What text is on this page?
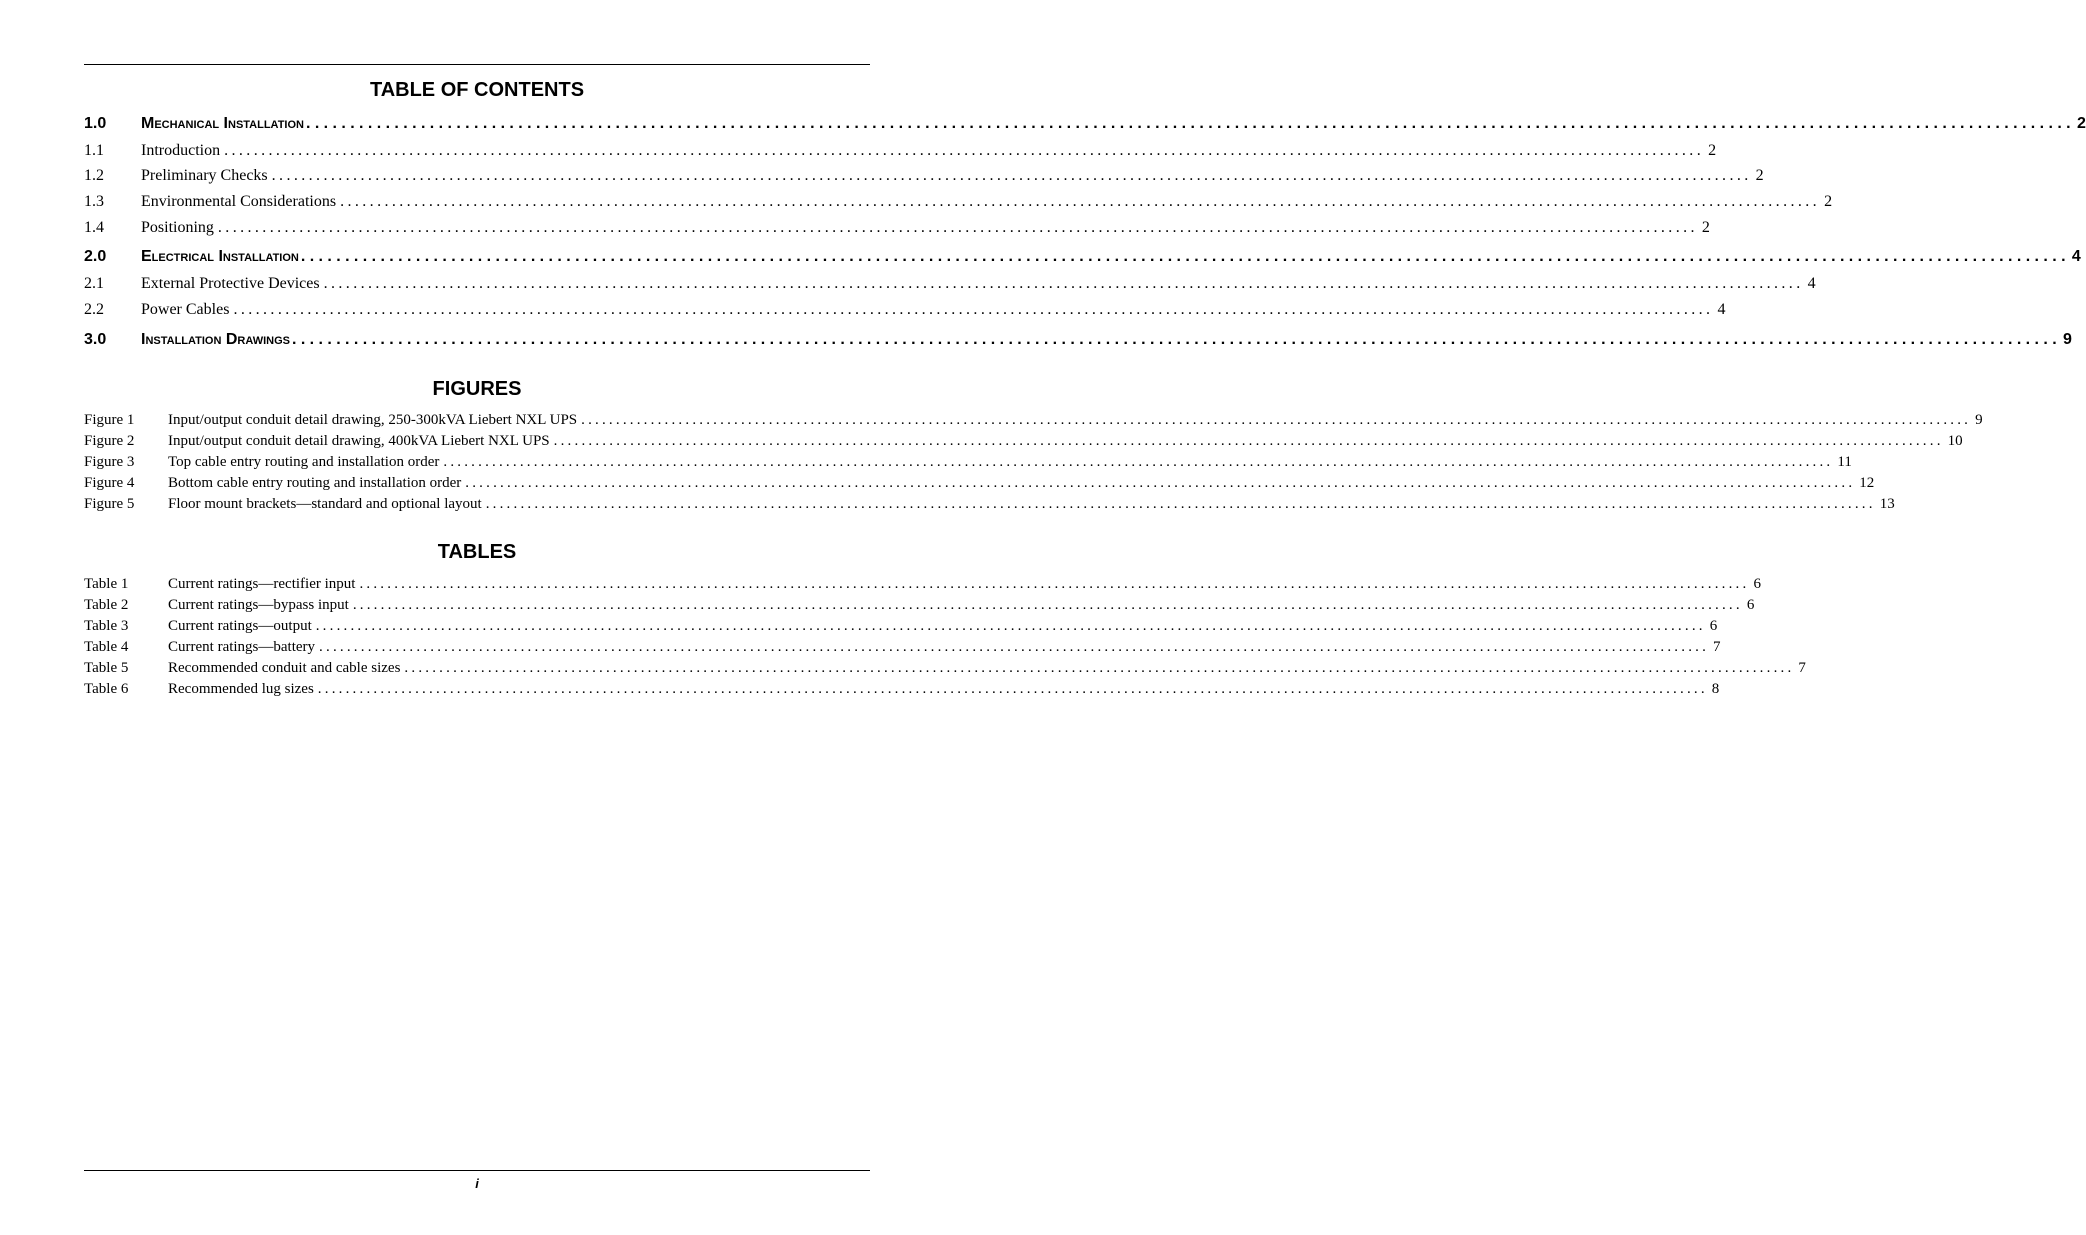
TABLE OF CONTENTS
1.0	Mechanical Installation ........................................................................................................................................................................................................ 2
1.1	Introduction ........................................................................................................................................................................................................ 2
1.2	Preliminary Checks ........................................................................................................................................................................................................ 2
1.3	Environmental Considerations ........................................................................................................................................................................................................ 2
1.4	Positioning ........................................................................................................................................................................................................ 2
2.0	Electrical Installation ........................................................................................................................................................................................................ 4
2.1	External Protective Devices ........................................................................................................................................................................................................ 4
2.2	Power Cables ........................................................................................................................................................................................................ 4
3.0	Installation Drawings ........................................................................................................................................................................................................ 9
FIGURES
Figure 1	Input/output conduit detail drawing, 250-300kVA Liebert NXL UPS ........................................................................................................................................................................................................ 9
Figure 2	Input/output conduit detail drawing, 400kVA Liebert NXL UPS ........................................................................................................................................................................................................ 10
Figure 3	Top cable entry routing and installation order ........................................................................................................................................................................................................ 11
Figure 4	Bottom cable entry routing and installation order ........................................................................................................................................................................................................ 12
Figure 5	Floor mount brackets—standard and optional layout ........................................................................................................................................................................................................ 13
TABLES
Table 1	Current ratings—rectifier input ........................................................................................................................................................................................................ 6
Table 2	Current ratings—bypass input ........................................................................................................................................................................................................ 6
Table 3	Current ratings—output ........................................................................................................................................................................................................ 6
Table 4	Current ratings—battery ........................................................................................................................................................................................................ 7
Table 5	Recommended conduit and cable sizes ........................................................................................................................................................................................................ 7
Table 6	Recommended lug sizes ........................................................................................................................................................................................................ 8
i
